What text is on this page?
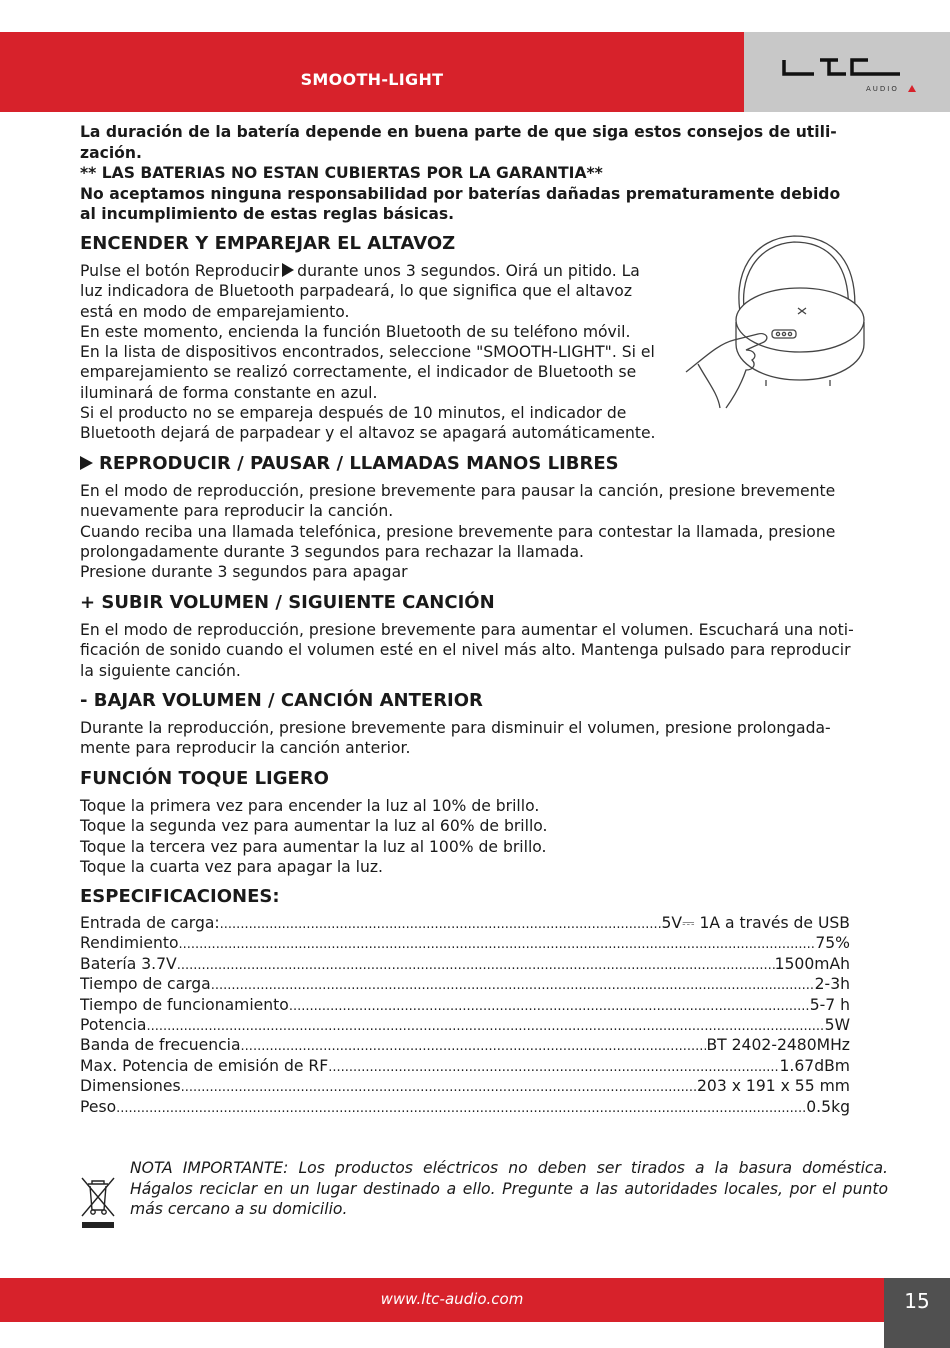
SMOOTH-LIGHT	AUDIO

La duración de la batería depende en buena parte de que siga estos consejos de utili-
zación.
** LAS BATERIAS NO ESTAN CUBIERTAS POR LA GARANTIA**
No aceptamos ninguna responsabilidad por baterías dañadas prematuramente debido
al incumplimiento de estas reglas básicas.

ENCENDER Y EMPAREJAR EL ALTAVOZ

Pulse el botón Reproducir durante unos 3 segundos. Oirá un pitido. La
luz indicadora de Bluetooth parpadeará, lo que significa que el altavoz
está en modo de emparejamiento.
En este momento, encienda la función Bluetooth de su teléfono móvil.
En la lista de dispositivos encontrados, seleccione "SMOOTH-LIGHT". Si el
emparejamiento se realizó correctamente, el indicador de Bluetooth se
iluminará de forma constante en azul.
Si el producto no se empareja después de 10 minutos, el indicador de
Bluetooth dejará de parpadear y el altavoz se apagará automáticamente.

REPRODUCIR / PAUSAR / LLAMADAS MANOS LIBRES

En el modo de reproducción, presione brevemente para pausar la canción, presione brevemente
nuevamente para reproducir la canción.
Cuando reciba una llamada telefónica, presione brevemente para contestar la llamada, presione
prolongadamente durante 3 segundos para rechazar la llamada.
Presione durante 3 segundos para apagar

+ SUBIR VOLUMEN / SIGUIENTE CANCIÓN

En el modo de reproducción, presione brevemente para aumentar el volumen. Escuchará una noti-
ficación de sonido cuando el volumen esté en el nivel más alto. Mantenga pulsado para reproducir
la siguiente canción.

- BAJAR VOLUMEN / CANCIÓN ANTERIOR

Durante la reproducción, presione brevemente para disminuir el volumen, presione prolongada-
mente para reproducir la canción anterior.

FUNCIÓN TOQUE LIGERO

Toque la primera vez para encender la luz al 10% de brillo.
Toque la segunda vez para aumentar la luz al 60% de brillo.
Toque la tercera vez para aumentar la luz al 100% de brillo.
Toque la cuarta vez para apagar la luz.

ESPECIFICACIONES:
Entrada de carga: .....	5V⎓ 1A a través de USB
Rendimiento .....	75%
Batería 3.7V .....	1500mAh
Tiempo de carga .....	2-3h
Tiempo de funcionamiento .....	5-7 h
Potencia .....	5W
Banda de frecuencia .....	BT 2402-2480MHz
Max. Potencia de emisión de RF .....	1.67dBm
Dimensiones .....	203 x 191 x 55 mm
Peso .....	0.5kg
NOTA IMPORTANTE: Los productos eléctricos no deben ser tirados a la basura doméstica. Hágalos reciclar en un lugar destinado a ello. Pregunte a las autoridades locales, por el punto más cercano a su domicilio.
www.ltc-audio.com	15
